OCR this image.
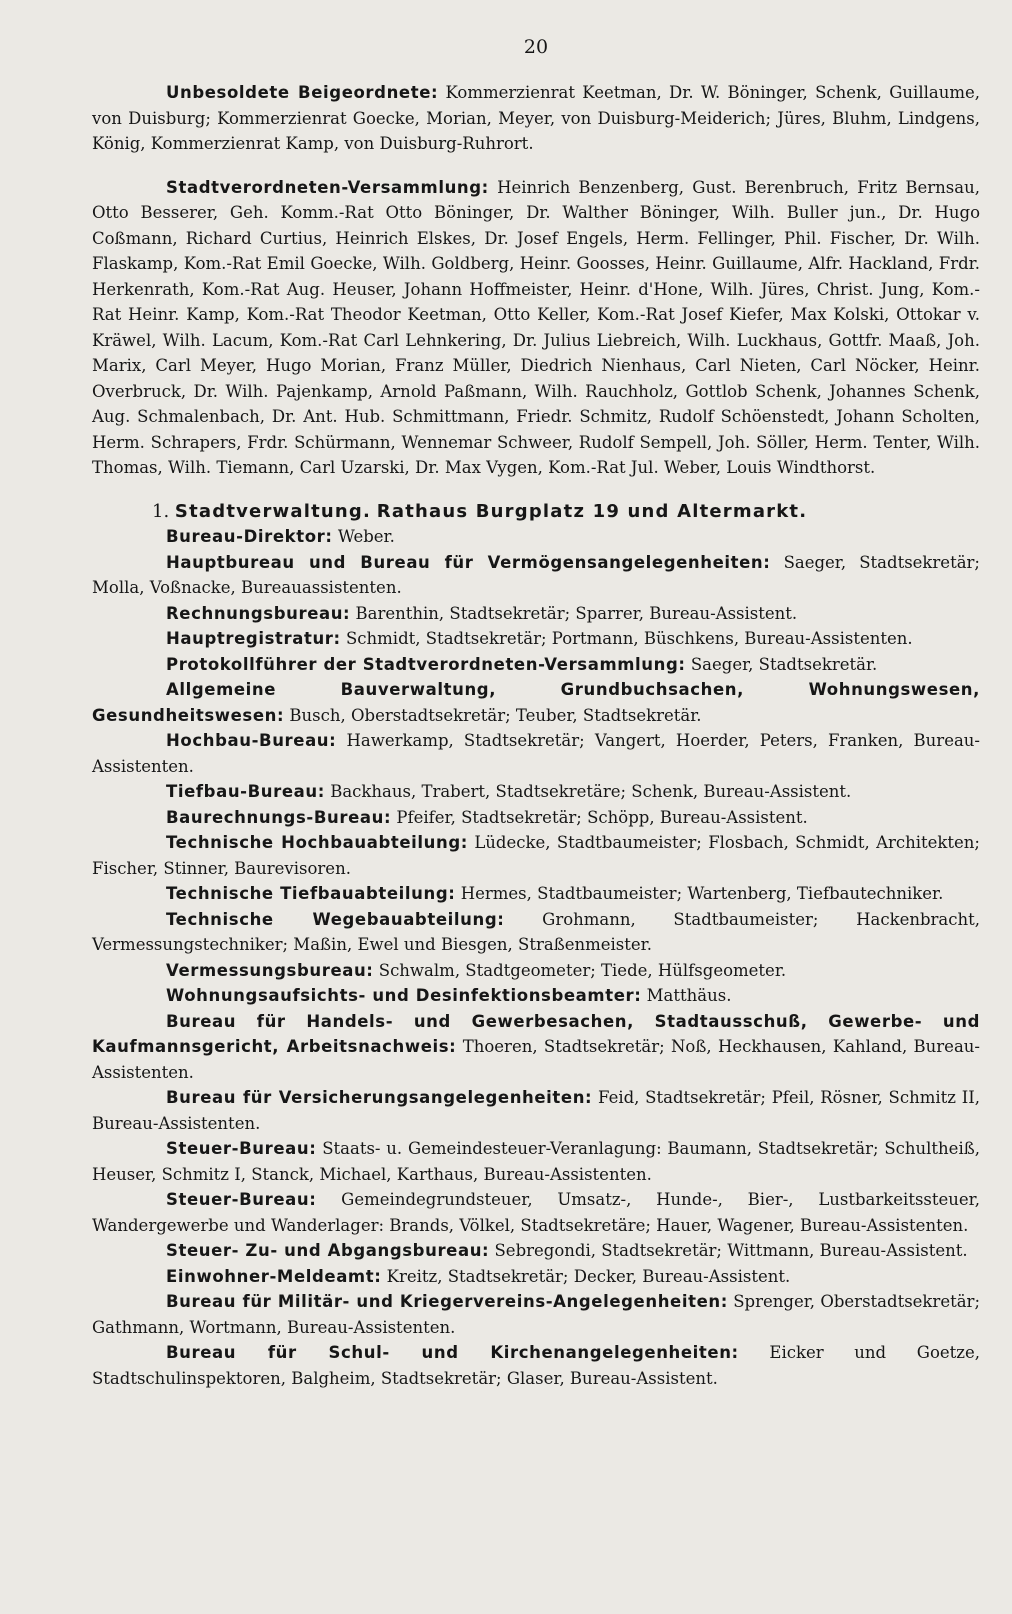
20

Unbesoldete Beigeordnete: Kommerzienrat Keetman, Dr. W. Böninger, Schenk, Guillaume, von Duisburg; Kommerzienrat Goecke, Morian, Meyer, von Duisburg-Meiderich; Jüres, Bluhm, Lindgens, König, Kommerzienrat Kamp, von Duisburg-Ruhrort.

Stadtverordneten-Versammlung: Heinrich Benzenberg, Gust. Berenbruch, Fritz Bernsau, Otto Besserer, Geh. Komm.-Rat Otto Böninger, Dr. Walther Böninger, Wilh. Buller jun., Dr. Hugo Coßmann, Richard Curtius, Heinrich Elskes, Dr. Josef Engels, Herm. Fellinger, Phil. Fischer, Dr. Wilh. Flaskamp, Kom.-Rat Emil Goecke, Wilh. Goldberg, Heinr. Goosses, Heinr. Guillaume, Alfr. Hackland, Frdr. Herkenrath, Kom.-Rat Aug. Heuser, Johann Hoffmeister, Heinr. d'Hone, Wilh. Jüres, Christ. Jung, Kom.-Rat Heinr. Kamp, Kom.-Rat Theodor Keetman, Otto Keller, Kom.-Rat Josef Kiefer, Max Kolski, Ottokar v. Kräwel, Wilh. Lacum, Kom.-Rat Carl Lehnkering, Dr. Julius Liebreich, Wilh. Luckhaus, Gottfr. Maaß, Joh. Marix, Carl Meyer, Hugo Morian, Franz Müller, Diedrich Nienhaus, Carl Nieten, Carl Nöcker, Heinr. Overbruck, Dr. Wilh. Pajenkamp, Arnold Paßmann, Wilh. Rauchholz, Gottlob Schenk, Johannes Schenk, Aug. Schmalenbach, Dr. Ant. Hub. Schmittmann, Friedr. Schmitz, Rudolf Schöenstedt, Johann Scholten, Herm. Schrapers, Frdr. Schürmann, Wennemar Schweer, Rudolf Sempell, Joh. Söller, Herm. Tenter, Wilh. Thomas, Wilh. Tiemann, Carl Uzarski, Dr. Max Vygen, Kom.-Rat Jul. Weber, Louis Windthorst.

1. Stadtverwaltung. Rathaus Burgplatz 19 und Altermarkt.

Bureau-Direktor: Weber.

Hauptbureau und Bureau für Vermögensangelegenheiten: Saeger, Stadtsekretär; Molla, Voßnacke, Bureauassistenten.

Rechnungsbureau: Barenthin, Stadtsekretär; Sparrer, Bureau-Assistent.

Hauptregistratur: Schmidt, Stadtsekretär; Portmann, Büschkens, Bureau-Assistenten.

Protokollführer der Stadtverordneten-Versammlung: Saeger, Stadtsekretär.

Allgemeine Bauverwaltung, Grundbuchsachen, Wohnungswesen, Gesundheitswesen: Busch, Oberstadtsekretär; Teuber, Stadtsekretär.

Hochbau-Bureau: Hawerkamp, Stadtsekretär; Vangert, Hoerder, Peters, Franken, Bureau-Assistenten.

Tiefbau-Bureau: Backhaus, Trabert, Stadtsekretäre; Schenk, Bureau-Assistent.

Baurechnungs-Bureau: Pfeifer, Stadtsekretär; Schöpp, Bureau-Assistent.

Technische Hochbauabteilung: Lüdecke, Stadtbaumeister; Flosbach, Schmidt, Architekten; Fischer, Stinner, Baurevisoren.

Technische Tiefbauabteilung: Hermes, Stadtbaumeister; Wartenberg, Tiefbautechniker.

Technische Wegebauabteilung: Grohmann, Stadtbaumeister; Hackenbracht, Vermessungstechniker; Maßin, Ewel und Biesgen, Straßenmeister.

Vermessungsbureau: Schwalm, Stadtgeometer; Tiede, Hülfsgeometer.

Wohnungsaufsichts- und Desinfektionsbeamter: Matthäus.

Bureau für Handels- und Gewerbesachen, Stadtausschuß, Gewerbe- und Kaufmannsgericht, Arbeitsnachweis: Thoeren, Stadtsekretär; Noß, Heckhausen, Kahland, Bureau-Assistenten.

Bureau für Versicherungsangelegenheiten: Feid, Stadtsekretär; Pfeil, Rösner, Schmitz II, Bureau-Assistenten.

Steuer-Bureau: Staats- u. Gemeindesteuer-Veranlagung: Baumann, Stadtsekretär; Schultheiß, Heuser, Schmitz I, Stanck, Michael, Karthaus, Bureau-Assistenten.

Steuer-Bureau: Gemeindegrundsteuer, Umsatz-, Hunde-, Bier-, Lustbarkeitssteuer, Wandergewerbe und Wanderlager: Brands, Völkel, Stadtsekretäre; Hauer, Wagener, Bureau-Assistenten.

Steuer- Zu- und Abgangsbureau: Sebregondi, Stadtsekretär; Wittmann, Bureau-Assistent.

Einwohner-Meldeamt: Kreitz, Stadtsekretär; Decker, Bureau-Assistent.

Bureau für Militär- und Kriegervereins-Angelegenheiten: Sprenger, Oberstadtsekretär; Gathmann, Wortmann, Bureau-Assistenten.

Bureau für Schul- und Kirchenangelegenheiten: Eicker und Goetze, Stadtschulinspektoren, Balgheim, Stadtsekretär; Glaser, Bureau-Assistent.
